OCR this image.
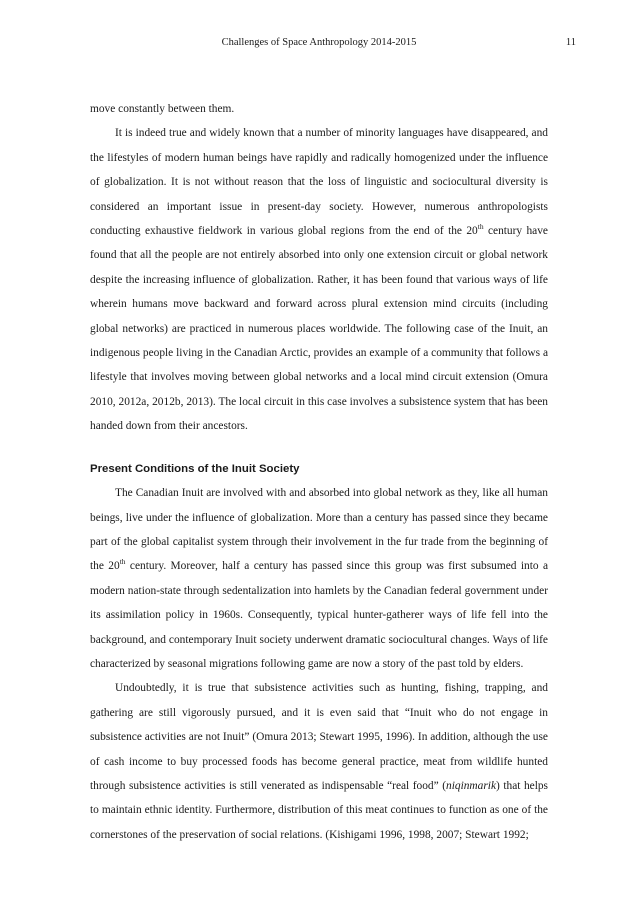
Challenges of Space Anthropology 2014-2015	11

move constantly between them.

It is indeed true and widely known that a number of minority languages have disappeared, and the lifestyles of modern human beings have rapidly and radically homogenized under the influence of globalization. It is not without reason that the loss of linguistic and sociocultural diversity is considered an important issue in present-day society. However, numerous anthropologists conducting exhaustive fieldwork in various global regions from the end of the 20th century have found that all the people are not entirely absorbed into only one extension circuit or global network despite the increasing influence of globalization. Rather, it has been found that various ways of life wherein humans move backward and forward across plural extension mind circuits (including global networks) are practiced in numerous places worldwide. The following case of the Inuit, an indigenous people living in the Canadian Arctic, provides an example of a community that follows a lifestyle that involves moving between global networks and a local mind circuit extension (Omura 2010, 2012a, 2012b, 2013). The local circuit in this case involves a subsistence system that has been handed down from their ancestors.

Present Conditions of the Inuit Society

The Canadian Inuit are involved with and absorbed into global network as they, like all human beings, live under the influence of globalization. More than a century has passed since they became part of the global capitalist system through their involvement in the fur trade from the beginning of the 20th century. Moreover, half a century has passed since this group was first subsumed into a modern nation-state through sedentalization into hamlets by the Canadian federal government under its assimilation policy in 1960s. Consequently, typical hunter-gatherer ways of life fell into the background, and contemporary Inuit society underwent dramatic sociocultural changes. Ways of life characterized by seasonal migrations following game are now a story of the past told by elders.

Undoubtedly, it is true that subsistence activities such as hunting, fishing, trapping, and gathering are still vigorously pursued, and it is even said that “Inuit who do not engage in subsistence activities are not Inuit” (Omura 2013; Stewart 1995, 1996). In addition, although the use of cash income to buy processed foods has become general practice, meat from wildlife hunted through subsistence activities is still venerated as indispensable “real food” (niqinmarik) that helps to maintain ethnic identity. Furthermore, distribution of this meat continues to function as one of the cornerstones of the preservation of social relations. (Kishigami 1996, 1998, 2007; Stewart 1992;
